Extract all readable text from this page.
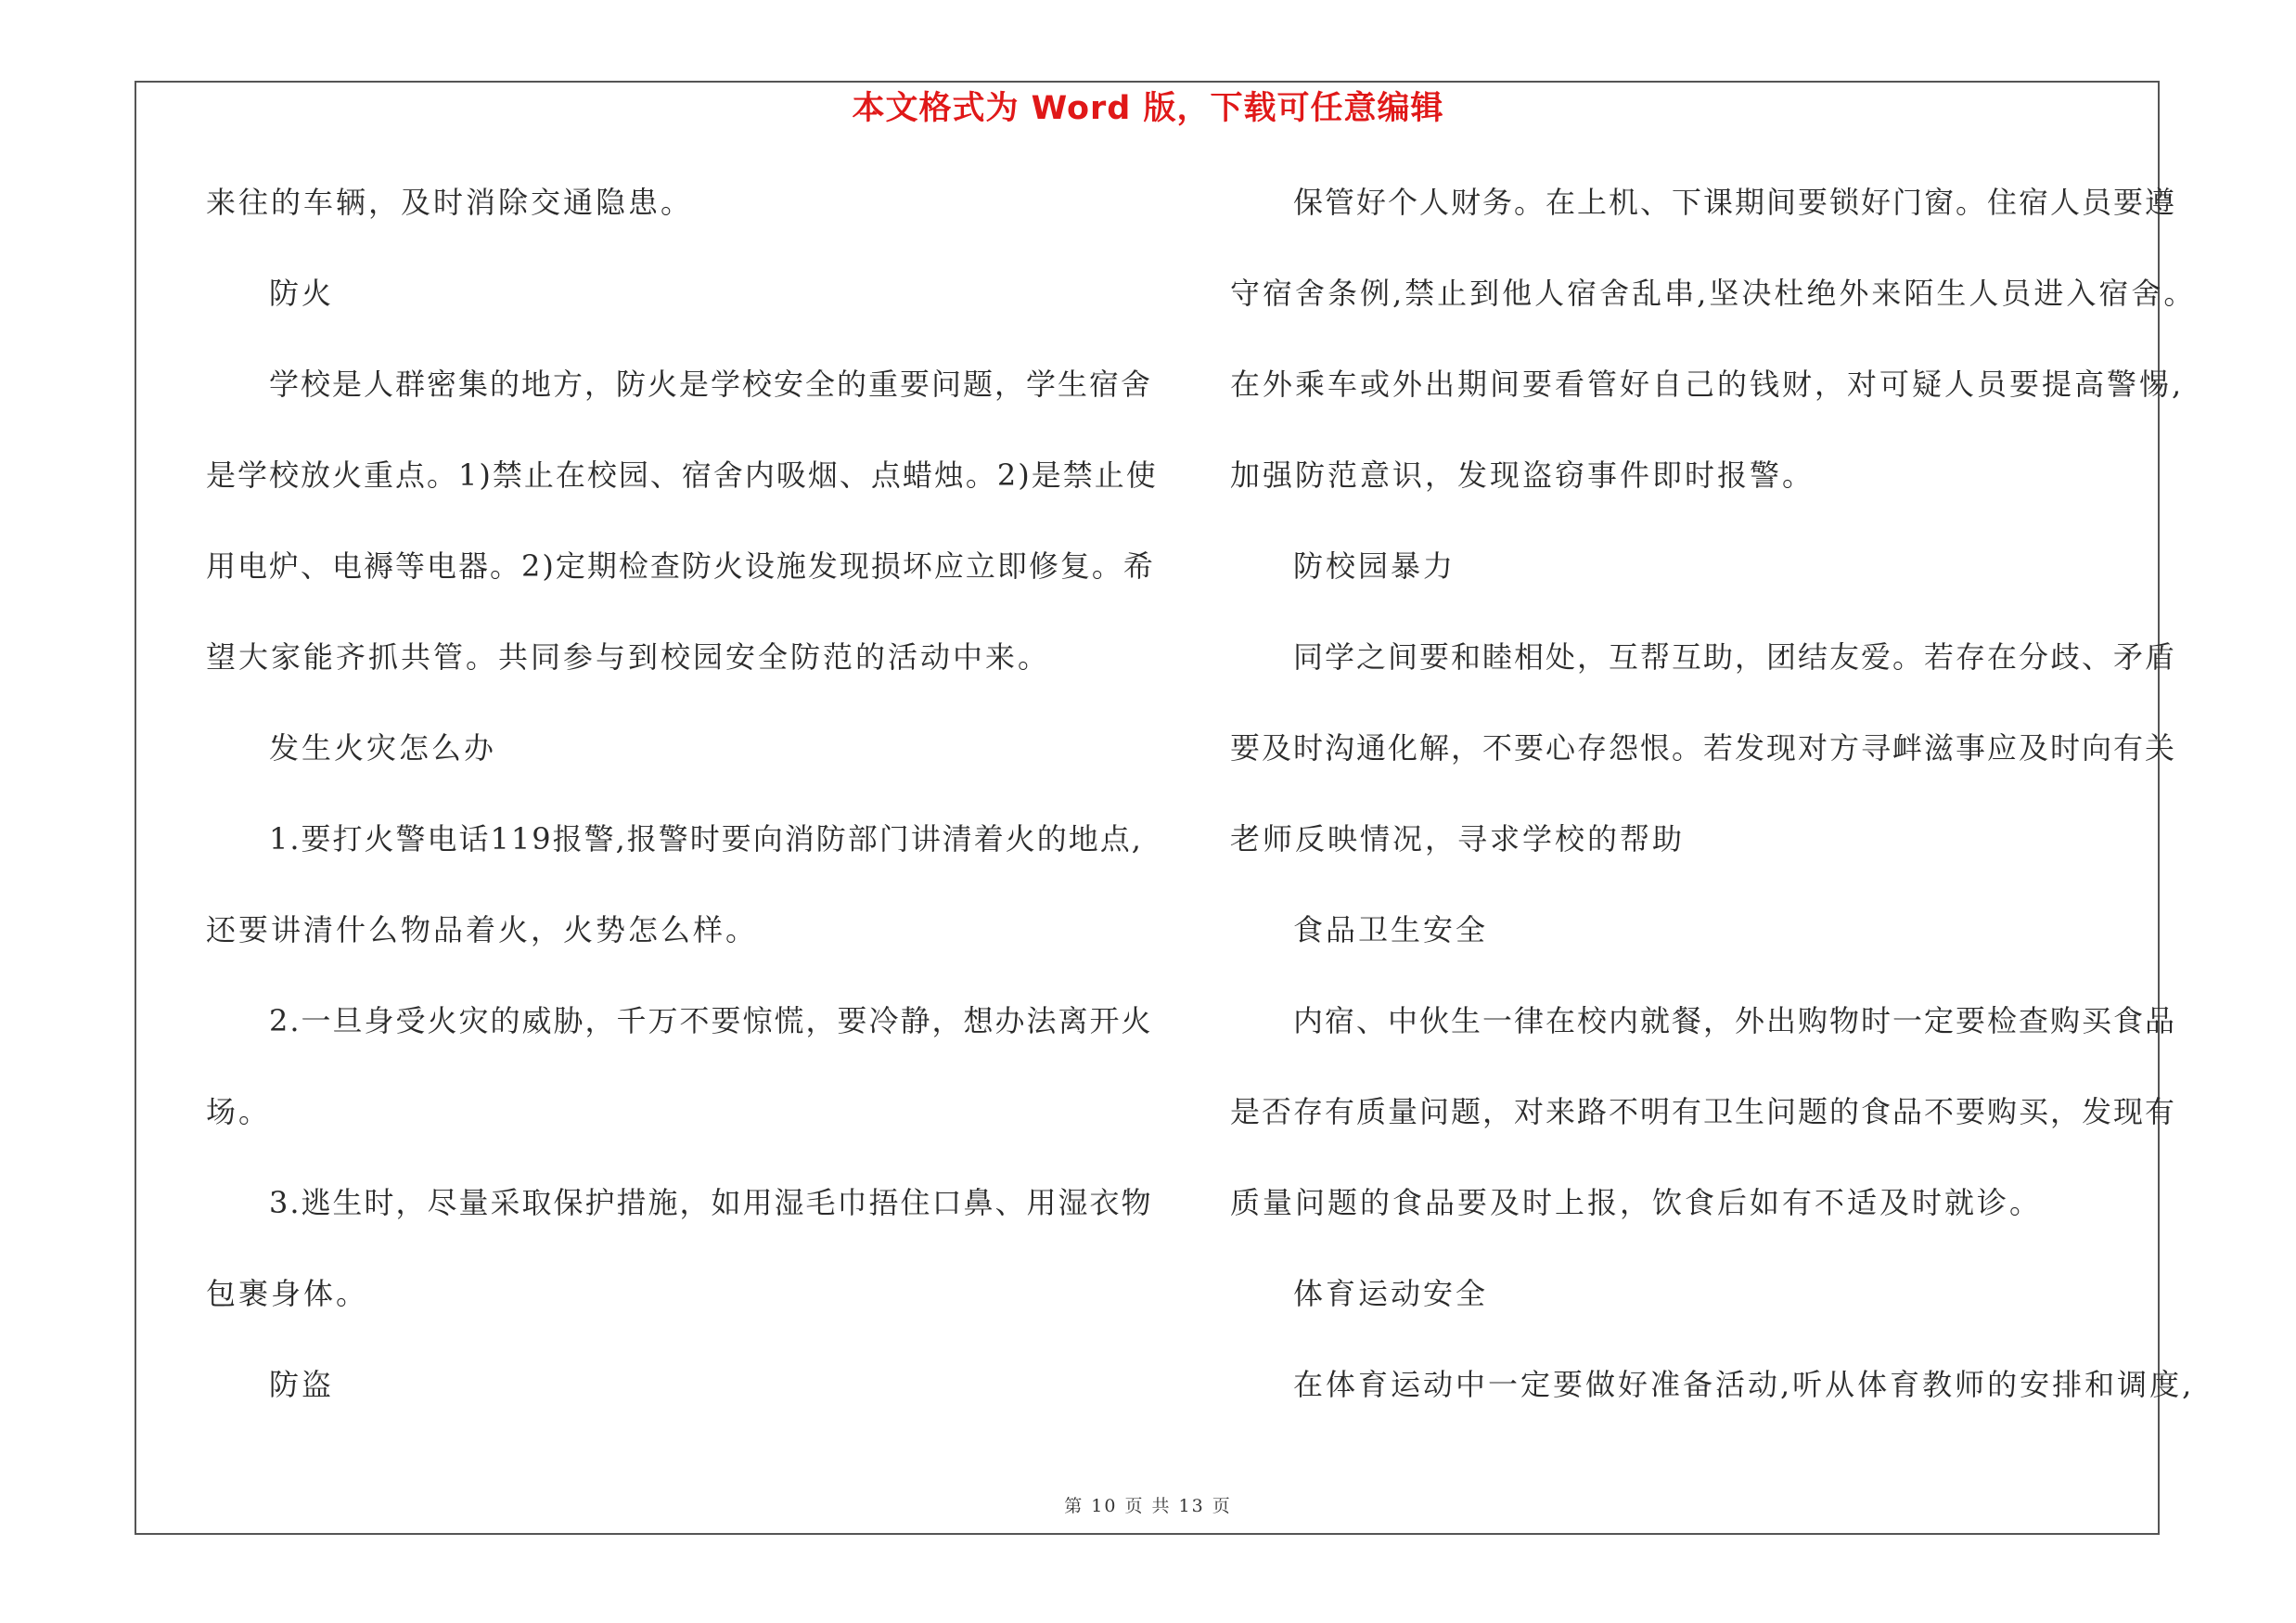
本文格式为 Word 版，下载可任意编辑
来往的车辆，及时消除交通隐患。
防火
学校是人群密集的地方，防火是学校安全的重要问题，学生宿舍
是学校放火重点。1)禁止在校园、宿舍内吸烟、点蜡烛。2)是禁止使
用电炉、电褥等电器。2)定期检查防火设施发现损坏应立即修复。希
望大家能齐抓共管。共同参与到校园安全防范的活动中来。
发生火灾怎么办
1.要打火警电话119报警,报警时要向消防部门讲清着火的地点,
还要讲清什么物品着火，火势怎么样。
2.一旦身受火灾的威胁，千万不要惊慌，要冷静，想办法离开火
场。
3.逃生时，尽量采取保护措施，如用湿毛巾捂住口鼻、用湿衣物
包裹身体。
防盗
保管好个人财务。在上机、下课期间要锁好门窗。住宿人员要遵
守宿舍条例,禁止到他人宿舍乱串,坚决杜绝外来陌生人员进入宿舍。
在外乘车或外出期间要看管好自己的钱财，对可疑人员要提高警惕,
加强防范意识，发现盗窃事件即时报警。
防校园暴力
同学之间要和睦相处，互帮互助，团结友爱。若存在分歧、矛盾
要及时沟通化解，不要心存怨恨。若发现对方寻衅滋事应及时向有关
老师反映情况，寻求学校的帮助
食品卫生安全
内宿、中伙生一律在校内就餐，外出购物时一定要检查购买食品
是否存有质量问题，对来路不明有卫生问题的食品不要购买，发现有
质量问题的食品要及时上报，饮食后如有不适及时就诊。
体育运动安全
在体育运动中一定要做好准备活动,听从体育教师的安排和调度,
第 10 页 共 13 页
